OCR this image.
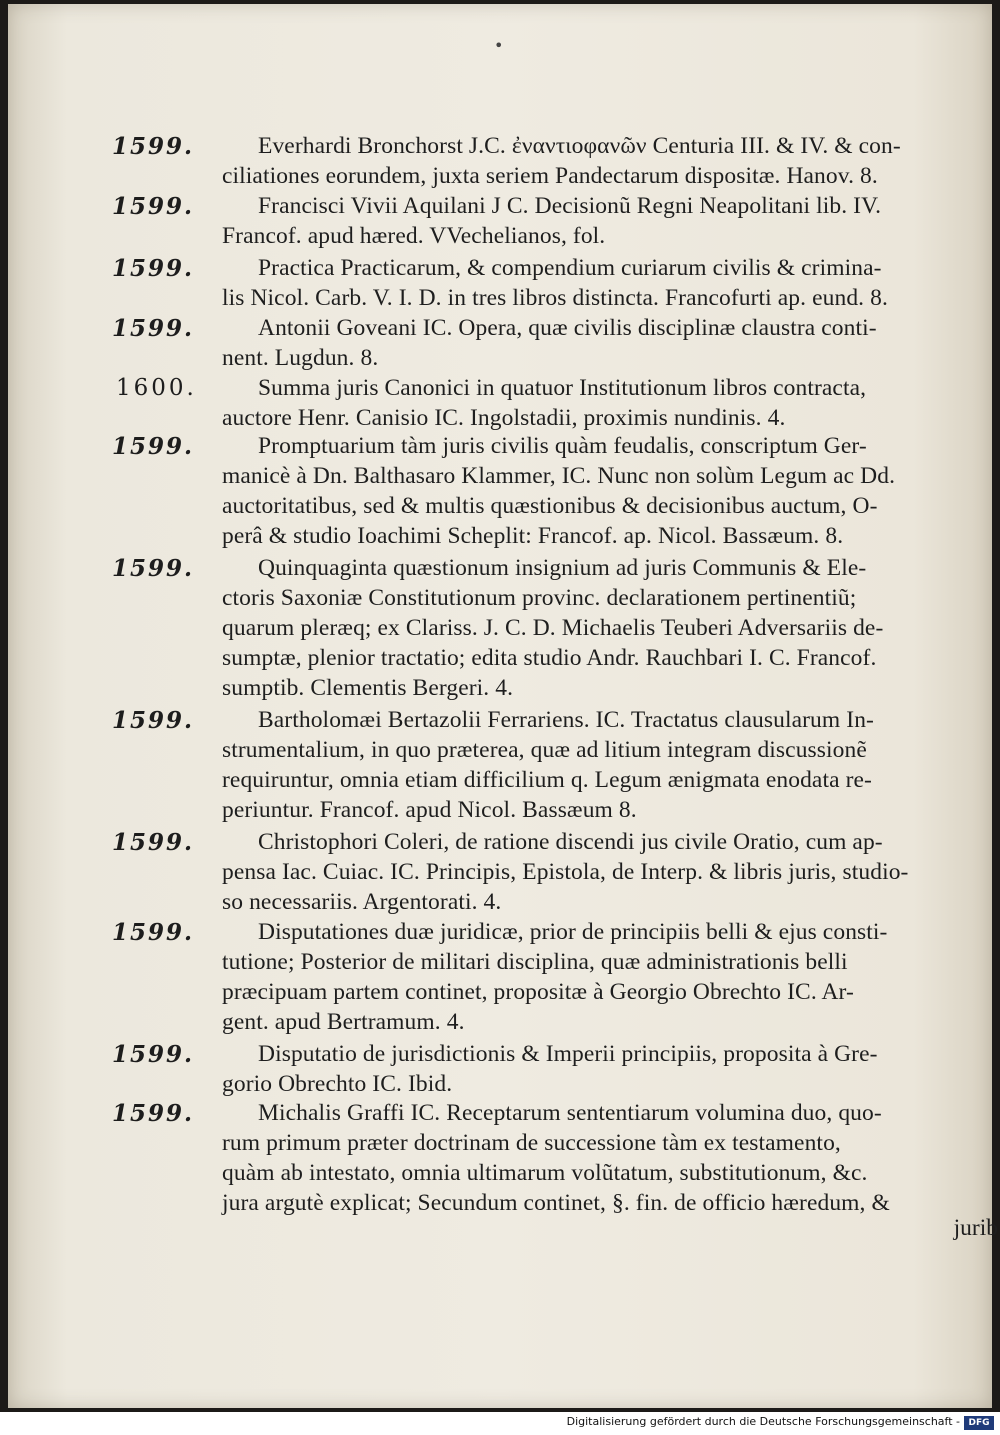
•
1599.	Everhardi Bronchorst J.C. ἐναντιοφανῶν Centuria III. & IV. & con-
ciliationes eorundem, juxta seriem Pandectarum dispositæ. Hanov. 8.
1599.	Francisci Vivii Aquilani J C. Decisionũ Regni Neapolitani lib. IV.
Francof. apud hæred. VVechelianos, fol.
1599.	Practica Practicarum, & compendium curiarum civilis & crimina-
lis Nicol. Carb. V. I. D. in tres libros distincta. Francofurti ap. eund. 8.
1599.	Antonii Goveani IC. Opera, quæ civilis disciplinæ claustra conti-
nent. Lugdun. 8.
1600.	Summa juris Canonici in quatuor Institutionum libros contracta,
auctore Henr. Canisio IC. Ingolstadii, proximis nundinis. 4.
1599.	Promptuarium tàm juris civilis quàm feudalis, conscriptum Ger-
manicè à Dn. Balthasaro Klammer, IC. Nunc non solùm Legum ac Dd.
auctoritatibus, sed & multis quæstionibus & decisionibus auctum, O-
perâ & studio Ioachimi Scheplit: Francof. ap. Nicol. Bassæum. 8.
1599.	Quinquaginta quæstionum insignium ad juris Communis & Ele-
ctoris Saxoniæ Constitutionum provinc. declarationem pertinentiũ;
quarum pleræq; ex Clariss. J. C. D. Michaelis Teuberi Adversariis de-
sumptæ, plenior tractatio; edita studio Andr. Rauchbari I. C. Francof.
sumptib. Clementis Bergeri. 4.
1599.	Bartholomæi Bertazolii Ferrariens. IC. Tractatus clausularum In-
strumentalium, in quo præterea, quæ ad litium integram discussionẽ
requiruntur, omnia etiam difficilium q. Legum ænigmata enodata re-
periuntur. Francof. apud Nicol. Bassæum 8.
1599.	Christophori Coleri, de ratione discendi jus civile Oratio, cum ap-
pensa Iac. Cuiac. IC. Principis, Epistola, de Interp. & libris juris, studio-
so necessariis. Argentorati. 4.
1599.	Disputationes duæ juridicæ, prior de principiis belli & ejus consti-
tutione; Posterior de militari disciplina, quæ administrationis belli
præcipuam partem continet, propositæ à Georgio Obrechto IC. Ar-
gent. apud Bertramum. 4.
1599.	Disputatio de jurisdictionis & Imperii principiis, proposita à Gre-
gorio Obrechto IC. Ibid.
1599.	Michalis Graffi IC. Receptarum sententiarum volumina duo, quo-
rum primum præter doctrinam de successione tàm ex testamento,
quàm ab intestato, omnia ultimarum volũtatum, substitutionum, &c.
jura argutè explicat; Secundum continet, §. fin. de officio hæredum, &
jurib
Digitalisierung gefördert durch die Deutsche Forschungsgemeinschaft - DFG
